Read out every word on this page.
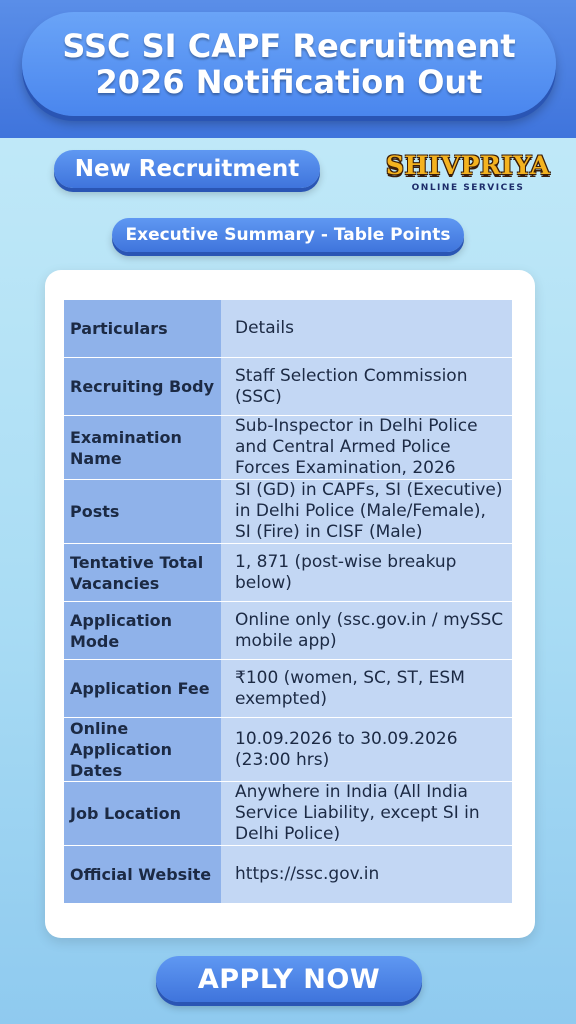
SSC SI CAPF Recruitment
2026 Notification Out
New Recruitment	SHIVPRIYA
ONLINE SERVICES
Executive Summary - Table Points
Particulars	Details
Recruiting Body
Staff Selection Commission (SSC)
Examination Name
Sub-Inspector in Delhi Police and Central Armed Police Forces Examination, 2026
Posts
SI (GD) in CAPFs, SI (Executive) in Delhi Police (Male/Female), SI (Fire) in CISF (Male)
Tentative Total Vacancies
1, 871 (post-wise breakup below)
Application Mode
Online only (ssc.gov.in / mySSC mobile app)
Application Fee
₹100 (women, SC, ST, ESM exempted)
Online Application Dates
10.09.2026 to 30.09.2026 (23:00 hrs)
Job Location
Anywhere in India (All India Service Liability, except SI in Delhi Police)
Official Website https://ssc.gov.in
APPLY NOW
